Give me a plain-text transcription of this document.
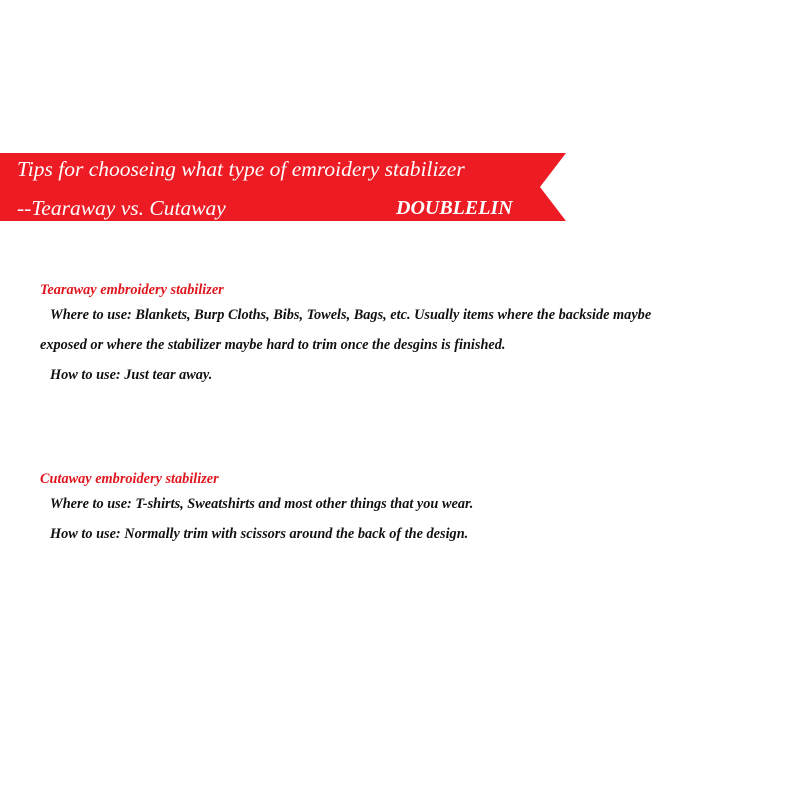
Tips for chooseing what type of emroidery stabilizer
--Tearaway vs. Cutaway	DOUBLELIN

Tearaway embroidery stabilizer

Where to use: Blankets, Burp Cloths, Bibs, Towels, Bags, etc. Usually items where the backside maybe

exposed or where the stabilizer maybe hard to trim once the desgins is finished.

How to use: Just tear away.

Cutaway embroidery stabilizer

Where to use: T-shirts, Sweatshirts and most other things that you wear.

How to use: Normally trim with scissors around the back of the design.
